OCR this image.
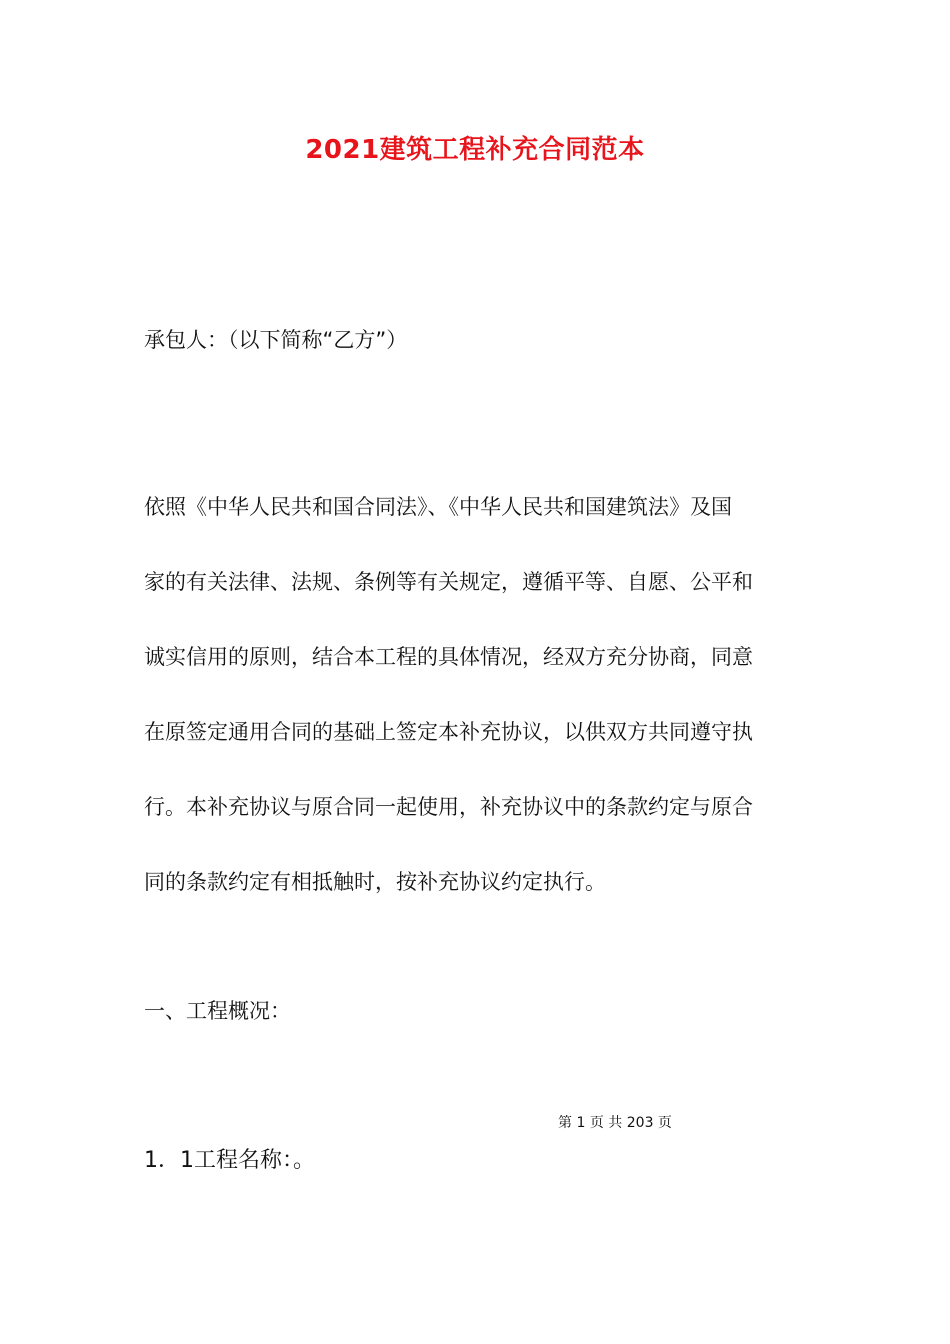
2021建筑工程补充合同范本
承包人：（以下简称“乙方”）
依照《中华人民共和国合同法》、《中华人民共和国建筑法》及国
家的有关法律、法规、条例等有关规定，遵循平等、自愿、公平和
诚实信用的原则，结合本工程的具体情况，经双方充分协商，同意
在原签定通用合同的基础上签定本补充协议，以供双方共同遵守执
行。本补充协议与原合同一起使用，补充协议中的条款约定与原合
同的条款约定有相抵触时，按补充协议约定执行。
一、工程概况：
第 1 页 共 203 页
1．1工程名称：。
